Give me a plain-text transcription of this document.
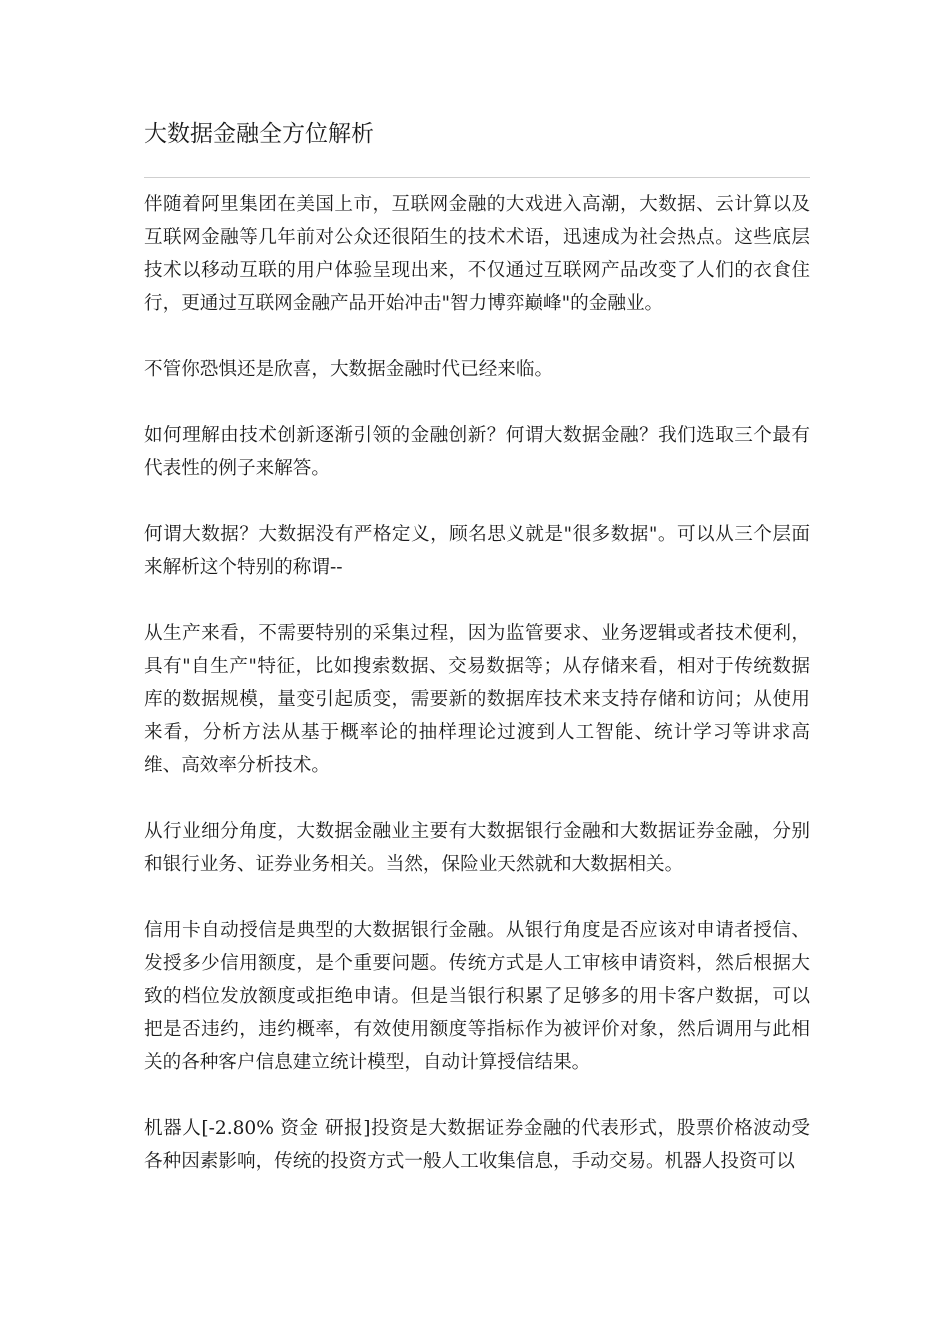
大数据金融全方位解析

伴随着阿里集团在美国上市，互联网金融的大戏进入高潮，大数据、云计算以及互联网金融等几年前对公众还很陌生的技术术语，迅速成为社会热点。这些底层技术以移动互联的用户体验呈现出来，不仅通过互联网产品改变了人们的衣食住行，更通过互联网金融产品开始冲击"智力博弈巅峰"的金融业。

不管你恐惧还是欣喜，大数据金融时代已经来临。

如何理解由技术创新逐渐引领的金融创新？何谓大数据金融？我们选取三个最有代表性的例子来解答。

何谓大数据？大数据没有严格定义，顾名思义就是"很多数据"。可以从三个层面来解析这个特别的称谓--

从生产来看，不需要特别的采集过程，因为监管要求、业务逻辑或者技术便利，具有"自生产"特征，比如搜索数据、交易数据等；从存储来看，相对于传统数据库的数据规模，量变引起质变，需要新的数据库技术来支持存储和访问；从使用来看，分析方法从基于概率论的抽样理论过渡到人工智能、统计学习等讲求高维、高效率分析技术。

从行业细分角度，大数据金融业主要有大数据银行金融和大数据证券金融，分别和银行业务、证券业务相关。当然，保险业天然就和大数据相关。

信用卡自动授信是典型的大数据银行金融。从银行角度是否应该对申请者授信、发授多少信用额度，是个重要问题。传统方式是人工审核申请资料，然后根据大致的档位发放额度或拒绝申请。但是当银行积累了足够多的用卡客户数据，可以把是否违约，违约概率，有效使用额度等指标作为被评价对象，然后调用与此相关的各种客户信息建立统计模型，自动计算授信结果。

机器人[-2.80% 资金 研报]投资是大数据证券金融的代表形式，股票价格波动受各种因素影响，传统的投资方式一般人工收集信息，手动交易。机器人投资可以
